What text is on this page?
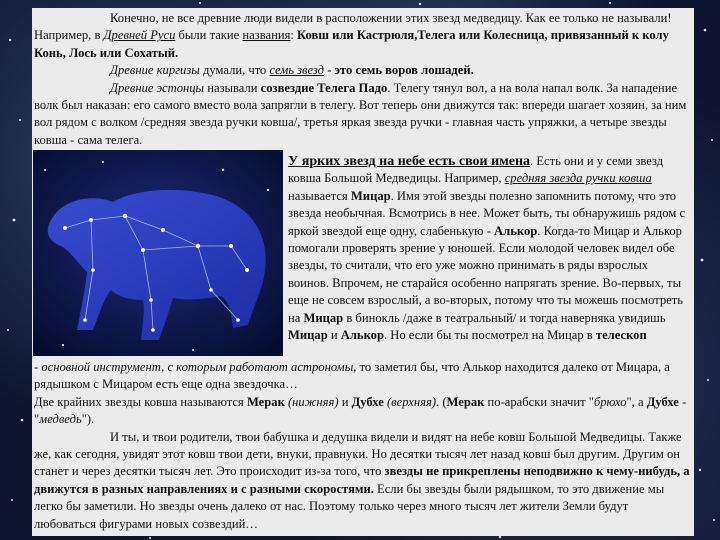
Конечно, не все древние люди видели в расположении этих звезд медведицу. Как ее только не называли! Например, в Древней Руси были такие названия: Ковш или Кастрюля,Телега или Колесница, привязанный к колу Конь, Лось или Сохатый.

Древние киргизы думали, что семь звезд - это семь воров лошадей.

Древние эстонцы называли созвездие Телега Падо. Телегу тянул вол, а на вола напал волк. За нападение волк был наказан: его самого вместо вола запрягли в телегу. Вот теперь они движутся так: впереди шагает хозяин, за ним вол рядом с волком /средняя звезда ручки ковша/, третья яркая звезда ручки - главная часть упряжки, а четыре звезды ковша - сама телега.

У ярких звезд на небе есть свои имена. Есть они и у семи звезд ковша Большой Медведицы. Например, средняя звезда ручки ковша называется Мицар. Имя этой звезды полезно запомнить потому, что это звезда необычная. Всмотрись в нее. Может быть, ты обнаружишь рядом с яркой звездой еще одну, слабенькую - Алькор. Когда-то Мицар и Алькор помогали проверять зрение у юношей. Если молодой человек видел обе звезды, то считали, что его уже можно принимать в ряды взрослых воинов. Впрочем, не старайся особенно напрягать зрение. Во-первых, ты еще не совсем взрослый, а во-вторых, потому что ты можешь посмотреть на Мицар в бинокль /даже в театральный/ и тогда наверняка увидишь Мицар и Алькор. Но если бы ты посмотрел на Мицар в телескоп

- основной инструмент, с которым работают астрономы, то заметил бы, что Алькор находится далеко от Мицара, а рядышком с Мицаром есть еще одна звездочка…

Две крайних звезды ковша называются Мерак (нижняя) и Дубхе (верхняя). (Мерак по-арабски значит "брюхо", а Дубхе - "медведь").

И ты, и твои родители, твои бабушка и дедушка видели и видят на небе ковш Большой Медведицы. Также же, как сегодня, увидят этот ковш твои дети, внуки, правнуки. Но десятки тысяч лет назад ковш был другим. Другим он станет и через десятки тысяч лет. Это происходит из-за того, что звезды не прикреплены неподвижно к чему-нибудь, а движутся в разных направлениях и с разными скоростями. Если бы звезды были рядышком, то это движение мы легко бы заметили. Но звезды очень далеко от нас. Поэтому только через много тысяч лет жители Земли будут любоваться фигурами новых созвездий…
